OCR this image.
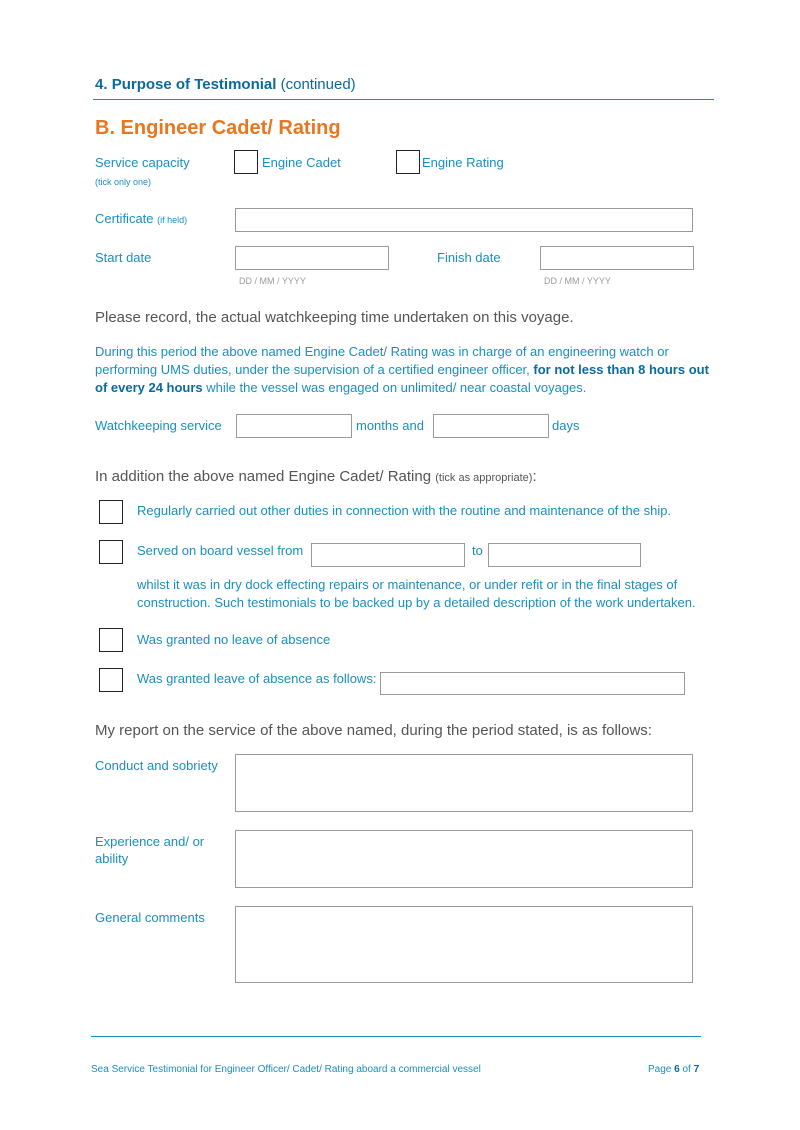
4. Purpose of Testimonial (continued)
B. Engineer Cadet/ Rating
Service capacity
(tick only one)
Engine Cadet	Engine Rating
Certificate (if held)
Start date
DD / MM / YYYY
Finish date
DD / MM / YYYY
Please record, the actual watchkeeping time undertaken on this voyage.
During this period the above named Engine Cadet/ Rating was in charge of an engineering watch or performing UMS duties, under the supervision of a certified engineer officer, for not less than 8 hours out of every 24 hours while the vessel was engaged on unlimited/ near coastal voyages.
Watchkeeping service	months and	days
In addition the above named Engine Cadet/ Rating (tick as appropriate):
Regularly carried out other duties in connection with the routine and maintenance of the ship.
Served on board vessel from	to
whilst it was in dry dock effecting repairs or maintenance, or under refit or in the final stages of construction. Such testimonials to be backed up by a detailed description of the work undertaken.
Was granted no leave of absence
Was granted leave of absence as follows:
My report on the service of the above named, during the period stated, is as follows:
Conduct and sobriety
Experience and/ or
ability
General comments
Sea Service Testimonial for Engineer Officer/ Cadet/ Rating aboard a commercial vessel	Page 6 of 7
